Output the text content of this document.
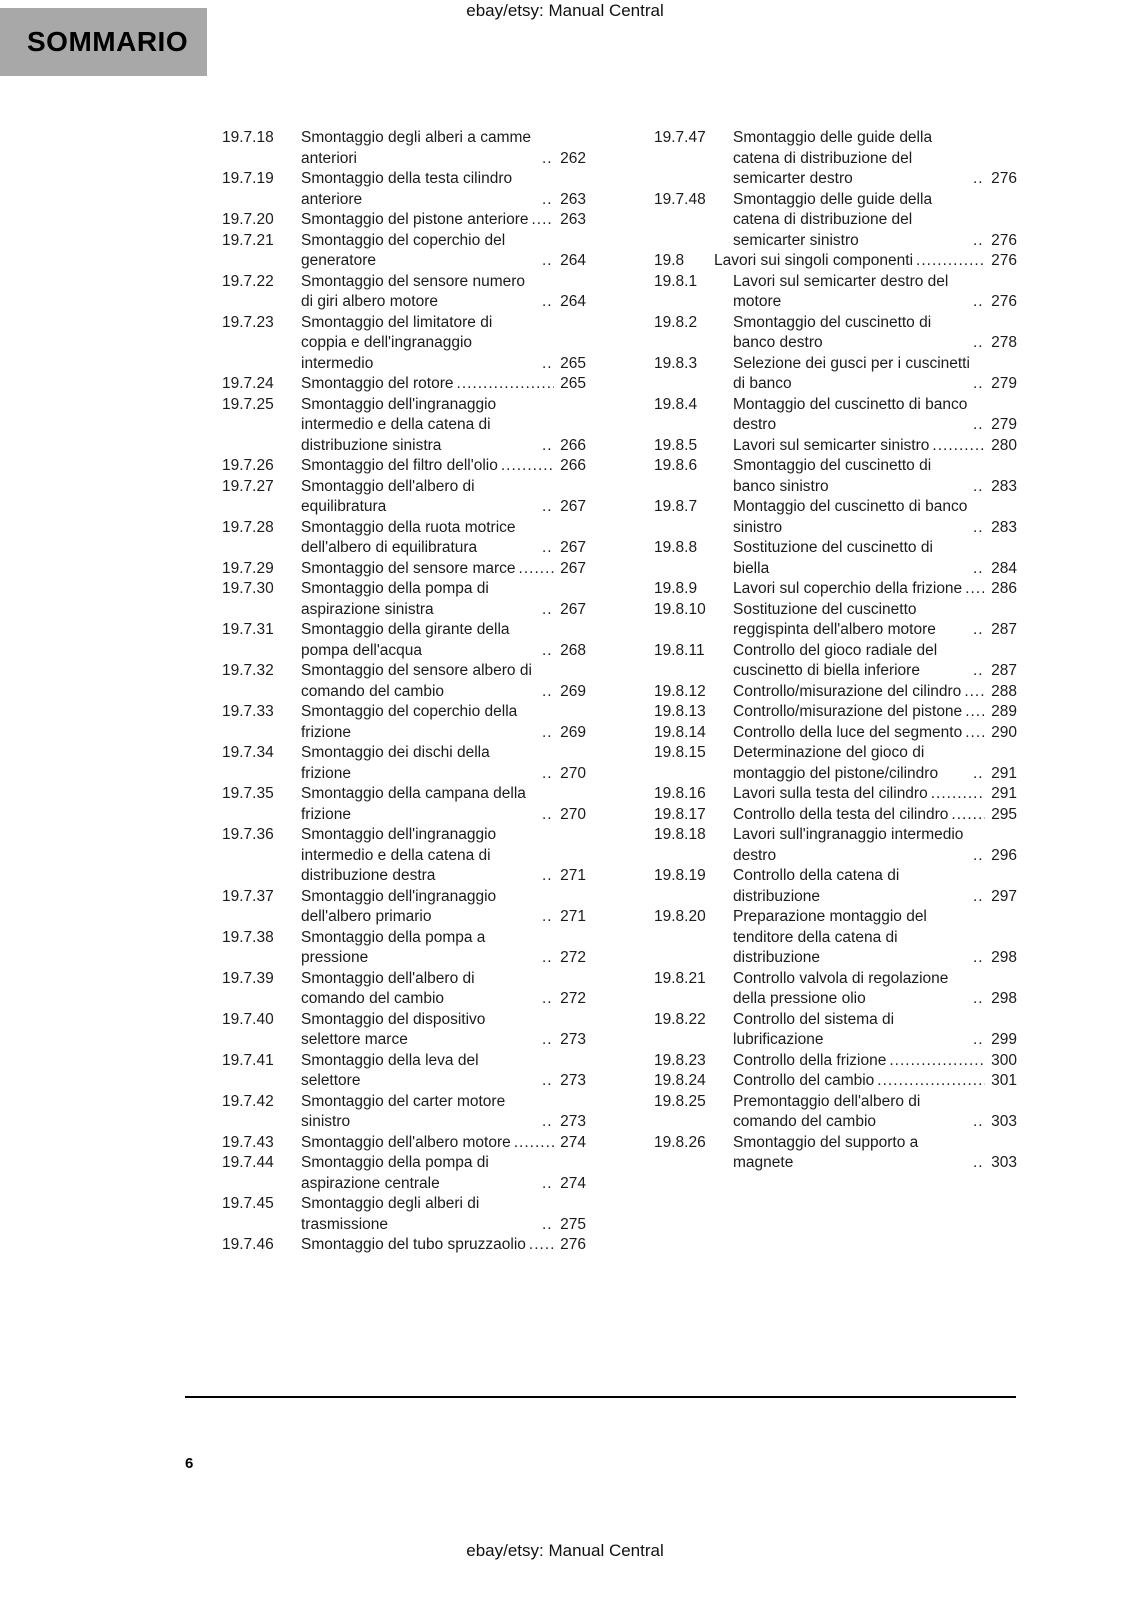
ebay/etsy: Manual Central
SOMMARIO
19.7.18	Smontaggio degli alberi a camme anteriori .....	262
19.7.19	Smontaggio della testa cilindro anteriore .....	263
19.7.20	Smontaggio del pistone anteriore ..... 263
19.7.21	Smontaggio del coperchio del generatore .....	264
19.7.22	Smontaggio del sensore numero di giri albero motore .....	264
19.7.23	Smontaggio del limitatore di coppia e dell'ingranaggio intermedio .....	265
19.7.24	Smontaggio del rotore .....	265
19.7.25	Smontaggio dell'ingranaggio intermedio e della catena di distribuzione sinistra .....	266
19.7.26	Smontaggio del filtro dell'olio .....	266
19.7.27	Smontaggio dell'albero di equilibratura .....	267
19.7.28	Smontaggio della ruota motrice dell'albero di equilibratura .....	267
19.7.29	Smontaggio del sensore marce .....	267
19.7.30	Smontaggio della pompa di aspirazione sinistra .....	267
19.7.31	Smontaggio della girante della pompa dell'acqua .....	268
19.7.32	Smontaggio del sensore albero di comando del cambio .....	269
19.7.33	Smontaggio del coperchio della frizione .....	269
19.7.34	Smontaggio dei dischi della frizione .....	270
19.7.35	Smontaggio della campana della frizione .....	270
19.7.36	Smontaggio dell'ingranaggio intermedio e della catena di distribuzione destra .....	271
19.7.37	Smontaggio dell'ingranaggio dell'albero primario .....	271
19.7.38	Smontaggio della pompa a pressione .....	272
19.7.39	Smontaggio dell'albero di comando del cambio .....	272
19.7.40	Smontaggio del dispositivo selettore marce .....	273
19.7.41	Smontaggio della leva del selettore .....	273
19.7.42	Smontaggio del carter motore sinistro .....	273
19.7.43	Smontaggio dell'albero motore .....	274
19.7.44	Smontaggio della pompa di aspirazione centrale .....	274
19.7.45	Smontaggio degli alberi di trasmissione .....	275
19.7.46	Smontaggio del tubo spruzzaolio ..... 276
19.7.47	Smontaggio delle guide della catena di distribuzione del semicarter destro .....	276
19.7.48	Smontaggio delle guide della catena di distribuzione del semicarter sinistro .....	276
19.8	Lavori sui singoli componenti .....	276
19.8.1	Lavori sul semicarter destro del motore .....	276
19.8.2	Smontaggio del cuscinetto di banco destro .....	278
19.8.3	Selezione dei gusci per i cuscinetti di banco .....	279
19.8.4	Montaggio del cuscinetto di banco destro .....	279
19.8.5	Lavori sul semicarter sinistro .....	280
19.8.6	Smontaggio del cuscinetto di banco sinistro .....	283
19.8.7	Montaggio del cuscinetto di banco sinistro .....	283
19.8.8	Sostituzione del cuscinetto di biella .....	284
19.8.9	Lavori sul coperchio della frizione ..... 286
19.8.10	Sostituzione del cuscinetto reggispinta dell'albero motore .....	287
19.8.11	Controllo del gioco radiale del cuscinetto di biella inferiore .....	287
19.8.12	Controllo/misurazione del cilindro ..... 288
19.8.13	Controllo/misurazione del pistone ..... 289
19.8.14	Controllo della luce del segmento ..... 290
19.8.15	Determinazione del gioco di montaggio del pistone/cilindro .....	291
19.8.16	Lavori sulla testa del cilindro .....	291
19.8.17	Controllo della testa del cilindro .....	295
19.8.18	Lavori sull'ingranaggio intermedio destro .....	296
19.8.19	Controllo della catena di distribuzione .....	297
19.8.20	Preparazione montaggio del tenditore della catena di distribuzione .....	298
19.8.21	Controllo valvola di regolazione della pressione olio .....	298
19.8.22	Controllo del sistema di lubrificazione .....	299
19.8.23	Controllo della frizione .....	300
19.8.24	Controllo del cambio .....	301
19.8.25	Premontaggio dell'albero di comando del cambio .....	303
19.8.26	Smontaggio del supporto a magnete .....	303
6
ebay/etsy: Manual Central
